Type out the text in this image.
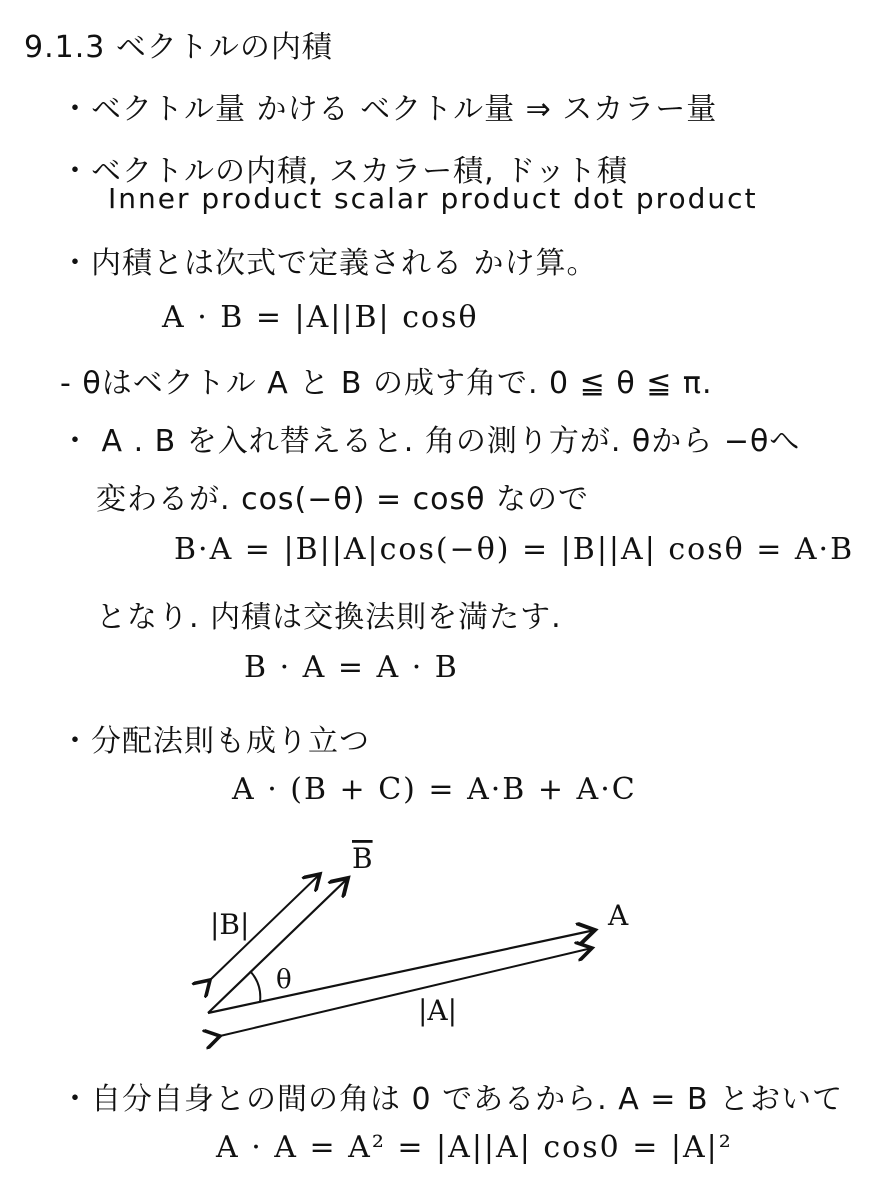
9.1.3 ベクトルの内積
・ベクトル量 かける ベクトル量 ⇒ スカラー量
・ベクトルの内積, スカラー積, ドット積
Inner product scalar product dot product
・内積とは次式で定義される かけ算。
A · B = |A||B| cosθ
- θはベクトル A と B の成す角で. 0 ≦ θ ≦ π.
・ A . B を入れ替えると. 角の測り方が. θから −θへ
変わるが. cos(−θ) = cosθ なので
B·A = |B||A|cos(−θ) = |B||A| cosθ = A·B
となり. 内積は交換法則を満たす.
B · A = A · B
・分配法則も成り立つ
A · (B + C) = A·B + A·C
B
|B|	A
|A|
θ
・自分自身との間の角は 0 であるから. A = B とおいて
A · A = A² = |A||A| cos0 = |A|²
